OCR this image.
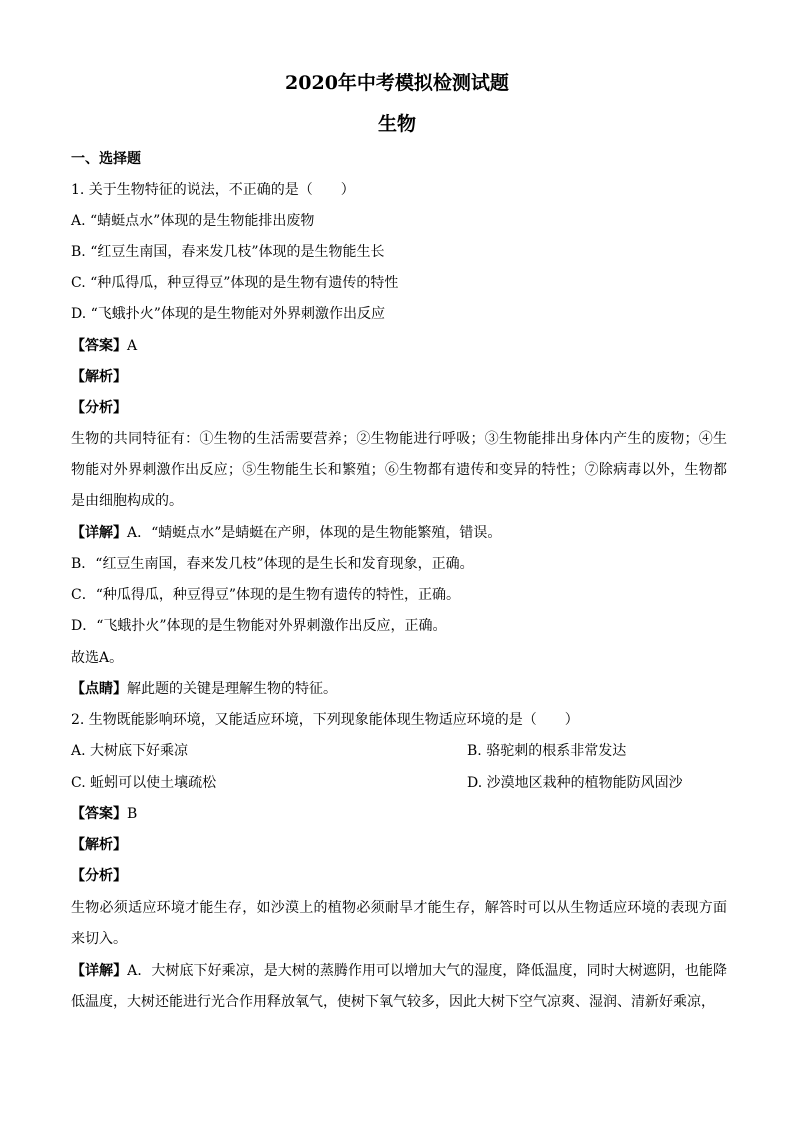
2020年中考模拟检测试题
生物
一、选择题
1. 关于生物特征的说法，不正确的是（　　）
A. “蜻蜓点水”体现的是生物能排出废物
B. “红豆生南国，春来发几枝”体现的是生物能生长
C. “种瓜得瓜，种豆得豆”体现的是生物有遗传的特性
D. “飞蛾扑火”体现的是生物能对外界刺激作出反应
【答案】A
【解析】
【分析】
生物的共同特征有：①生物的生活需要营养；②生物能进行呼吸；③生物能排出身体内产生的废物；④生物能对外界刺激作出反应；⑤生物能生长和繁殖；⑥生物都有遗传和变异的特性；⑦除病毒以外，生物都是由细胞构成的。
【详解】A．“蜻蜓点水”是蜻蜓在产卵，体现的是生物能繁殖，错误。
B．“红豆生南国，春来发几枝”体现的是生长和发育现象，正确。
C．“种瓜得瓜，种豆得豆”体现的是生物有遗传的特性，正确。
D．“飞蛾扑火”体现的是生物能对外界刺激作出反应，正确。
故选A。
【点睛】解此题的关键是理解生物的特征。
2. 生物既能影响环境，又能适应环境，下列现象能体现生物适应环境的是（　　）
A. 大树底下好乘凉	B. 骆驼刺的根系非常发达
C. 蚯蚓可以使土壤疏松	D. 沙漠地区栽种的植物能防风固沙
【答案】B
【解析】
【分析】
生物必须适应环境才能生存，如沙漠上的植物必须耐旱才能生存，解答时可以从生物适应环境的表现方面来切入。
【详解】A．大树底下好乘凉，是大树的蒸腾作用可以增加大气的湿度，降低温度，同时大树遮阴，也能降低温度，大树还能进行光合作用释放氧气，使树下氧气较多，因此大树下空气凉爽、湿润、清新好乘凉，
